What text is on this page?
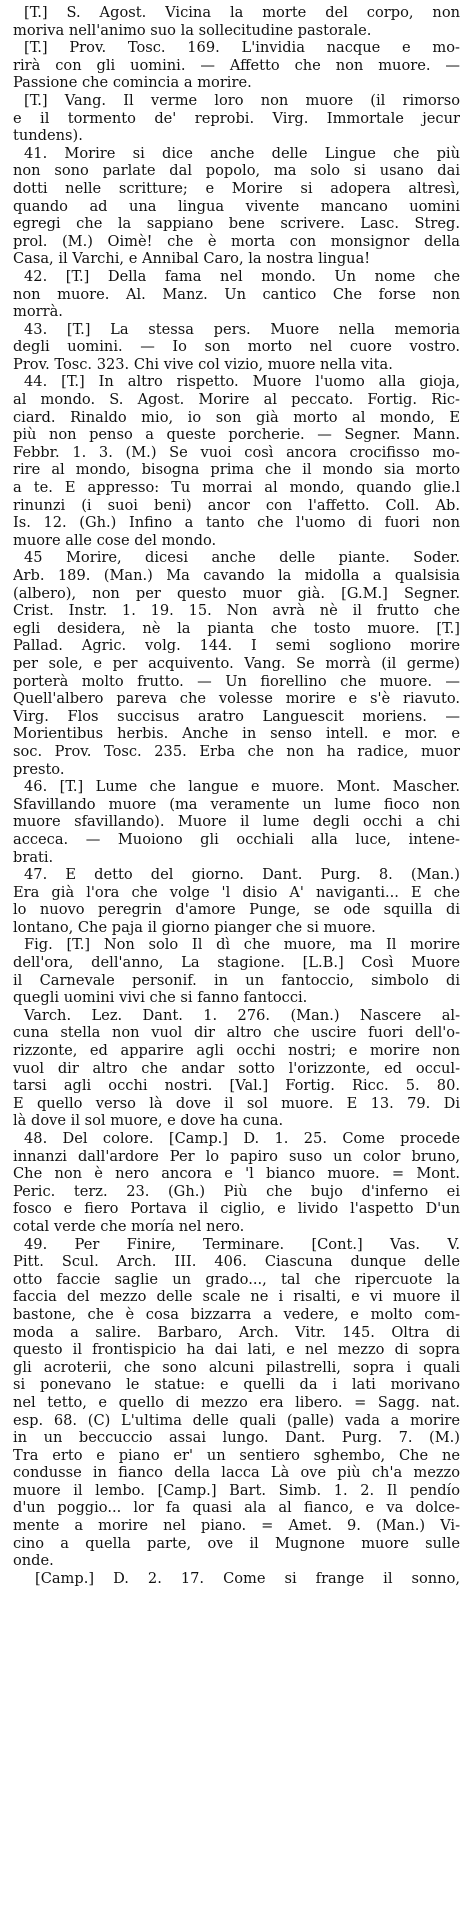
[T.] S. Agost. Vicina la morte del corpo, non
moriva nell'animo suo la sollecitudine pastorale.
[T.] Prov. Tosc. 169. L'invidia nacque e mo-
rirà con gli uomini. — Affetto che non muore. —
Passione che comincia a morire.
[T.] Vang. Il verme loro non muore (il rimorso
e il tormento de' reprobi. Virg. Immortale jecur
tundens).
41. Morire si dice anche delle Lingue che più
non sono parlate dal popolo, ma solo si usano dai
dotti nelle scritture; e Morire si adopera altresì,
quando ad una lingua vivente mancano uomini
egregi che la sappiano bene scrivere. Lasc. Streg.
prol. (M.) Oimè! che è morta con monsignor della
Casa, il Varchi, e Annibal Caro, la nostra lingua!
42. [T.] Della fama nel mondo. Un nome che
non muore. Al. Manz. Un cantico Che forse non
morrà.
43. [T.] La stessa pers. Muore nella memoria
degli uomini. — Io son morto nel cuore vostro.
Prov. Tosc. 323. Chi vive col vizio, muore nella vita.
44. [T.] In altro rispetto. Muore l'uomo alla gioja,
al mondo. S. Agost. Morire al peccato. Fortig. Ric-
ciard. Rinaldo mio, io son già morto al mondo, E
più non penso a queste porcherie. — Segner. Mann.
Febbr. 1. 3. (M.) Se vuoi così ancora crocifisso mo-
rire al mondo, bisogna prima che il mondo sia morto
a te. E appresso: Tu morrai al mondo, quando glie.l
rinunzi (i suoi beni) ancor con l'affetto. Coll. Ab.
Is. 12. (Gh.) Infino a tanto che l'uomo di fuori non
muore alle cose del mondo.
45 Morire, dicesi anche delle piante. Soder.
Arb. 189. (Man.) Ma cavando la midolla a qualsisia
(albero), non per questo muor già. [G.M.] Segner.
Crist. Instr. 1. 19. 15. Non avrà nè il frutto che
egli desidera, nè la pianta che tosto muore. [T.]
Pallad. Agric. volg. 144. I semi sogliono morire
per sole, e per acquivento. Vang. Se morrà (il germe)
porterà molto frutto. — Un fiorellino che muore. —
Quell'albero pareva che volesse morire e s'è riavuto.
Virg. Flos succisus aratro Languescit moriens. —
Morientibus herbis. Anche in senso intell. e mor. e
soc. Prov. Tosc. 235. Erba che non ha radice, muor
presto.
46. [T.] Lume che langue e muore. Mont. Mascher.
Sfavillando muore (ma veramente un lume fioco non
muore sfavillando). Muore il lume degli occhi a chi
acceca. — Muoiono gli occhiali alla luce, intene-
brati.
47. E detto del giorno. Dant. Purg. 8. (Man.)
Era già l'ora che volge 'l disio A' naviganti... E che
lo nuovo peregrin d'amore Punge, se ode squilla di
lontano, Che paja il giorno pianger che si muore.
Fig. [T.] Non solo Il dì che muore, ma Il morire
dell'ora, dell'anno, La stagione. [L.B.] Così Muore
il Carnevale personif. in un fantoccio, simbolo di
quegli uomini vivi che si fanno fantocci.
Varch. Lez. Dant. 1. 276. (Man.) Nascere al-
cuna stella non vuol dir altro che uscire fuori dell'o-
rizzonte, ed apparire agli occhi nostri; e morire non
vuol dir altro che andar sotto l'orizzonte, ed occul-
tarsi agli occhi nostri. [Val.] Fortig. Ricc. 5. 80.
E quello verso là dove il sol muore. E 13. 79. Di
là dove il sol muore, e dove ha cuna.
48. Del colore. [Camp.] D. 1. 25. Come procede
innanzi dall'ardore Per lo papiro suso un color bruno,
Che non è nero ancora e 'l bianco muore. = Mont.
Peric. terz. 23. (Gh.) Più che bujo d'inferno ei
fosco e fiero Portava il ciglio, e livido l'aspetto D'un
cotal verde che moría nel nero.
49. Per Finire, Terminare. [Cont.] Vas. V.
Pitt. Scul. Arch. III. 406. Ciascuna dunque delle
otto faccie saglie un grado..., tal che ripercuote la
faccia del mezzo delle scale ne i risalti, e vi muore il
bastone, che è cosa bizzarra a vedere, e molto com-
moda a salire. Barbaro, Arch. Vitr. 145. Oltra di
questo il frontispicio ha dai lati, e nel mezzo di sopra
gli acroterii, che sono alcuni pilastrelli, sopra i quali
si ponevano le statue: e quelli da i lati morivano
nel tetto, e quello di mezzo era libero. = Sagg. nat.
esp. 68. (C) L'ultima delle quali (palle) vada a morire
in un beccuccio assai lungo. Dant. Purg. 7. (M.)
Tra erto e piano er' un sentiero sghembo, Che ne
condusse in fianco della lacca Là ove più ch'a mezzo
muore il lembo. [Camp.] Bart. Simb. 1. 2. Il pendío
d'un poggio... lor fa quasi ala al fianco, e va dolce-
mente a morire nel piano. = Amet. 9. (Man.) Vi-
cino a quella parte, ove il Mugnone muore sulle
onde.
[Camp.] D. 2. 17. Come si frange il sonno,
